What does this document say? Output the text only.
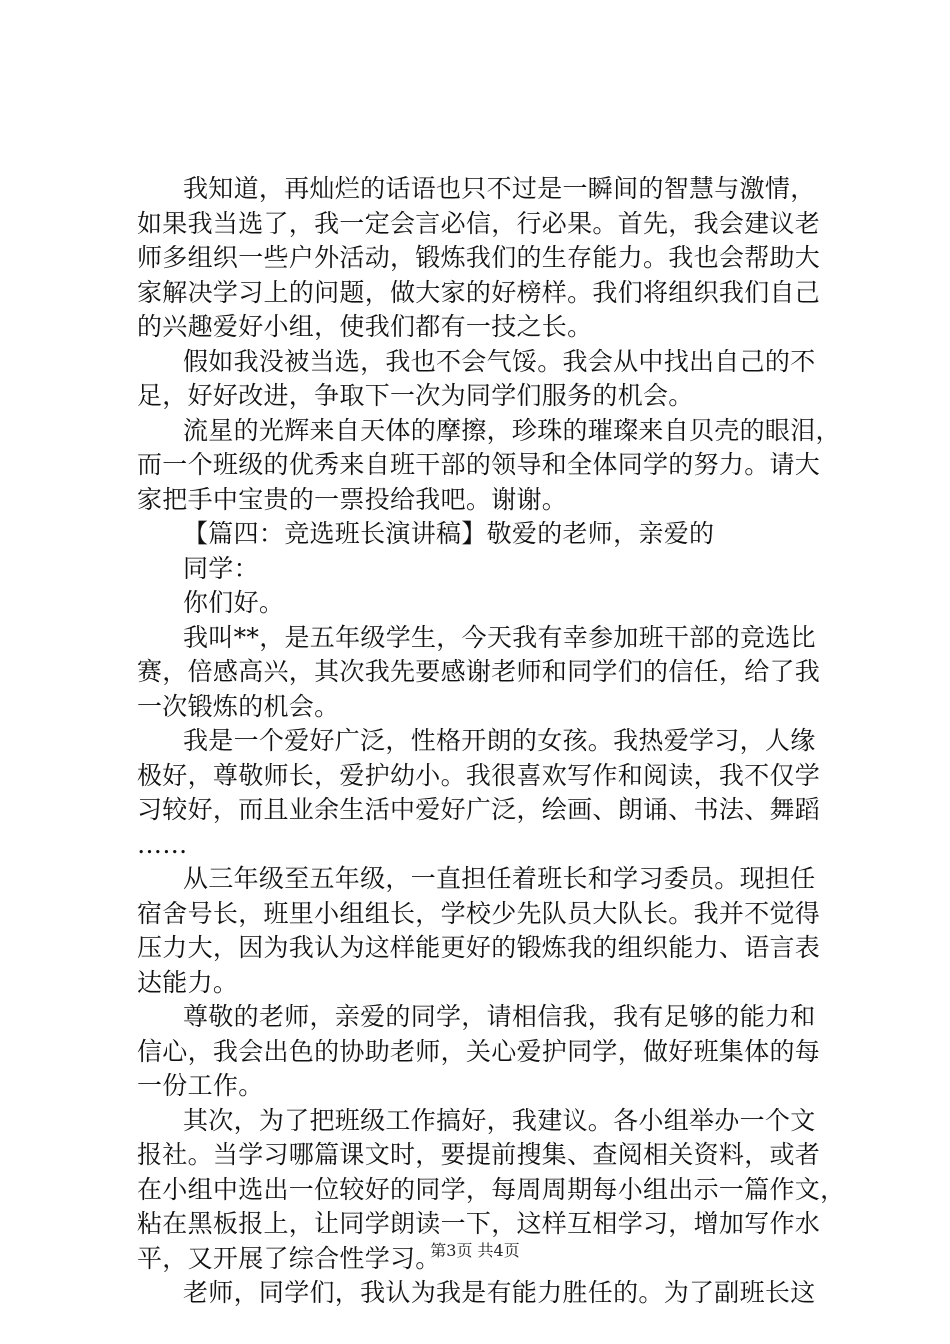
我知道，再灿烂的话语也只不过是一瞬间的智慧与激情，
如果我当选了，我一定会言必信，行必果。首先，我会建议老
师多组织一些户外活动，锻炼我们的生存能力。我也会帮助大
家解决学习上的问题，做大家的好榜样。我们将组织我们自己
的兴趣爱好小组，使我们都有一技之长。
假如我没被当选，我也不会气馁。我会从中找出自己的不
足，好好改进，争取下一次为同学们服务的机会。
流星的光辉来自天体的摩擦，珍珠的璀璨来自贝壳的眼泪，
而一个班级的优秀来自班干部的领导和全体同学的努力。请大
家把手中宝贵的一票投给我吧。谢谢。
【篇四：竞选班长演讲稿】敬爱的老师，亲爱的
同学：
你们好。
我叫**，是五年级学生，今天我有幸参加班干部的竞选比
赛，倍感高兴，其次我先要感谢老师和同学们的信任，给了我
一次锻炼的机会。
我是一个爱好广泛，性格开朗的女孩。我热爱学习，人缘
极好，尊敬师长，爱护幼小。我很喜欢写作和阅读，我不仅学
习较好，而且业余生活中爱好广泛，绘画、朗诵、书法、舞蹈
……
从三年级至五年级，一直担任着班长和学习委员。现担任
宿舍号长，班里小组组长，学校少先队员大队长。我并不觉得
压力大，因为我认为这样能更好的锻炼我的组织能力、语言表
达能力。
尊敬的老师，亲爱的同学，请相信我，我有足够的能力和
信心，我会出色的协助老师，关心爱护同学，做好班集体的每
一份工作。
其次，为了把班级工作搞好，我建议。各小组举办一个文
报社。当学习哪篇课文时，要提前搜集、查阅相关资料，或者
在小组中选出一位较好的同学，每周周期每小组出示一篇作文，
粘在黑板报上，让同学朗读一下，这样互相学习，增加写作水
平，又开展了综合性学习。
老师，同学们，我认为我是有能力胜任的。为了副班长这
第3页 共4页
